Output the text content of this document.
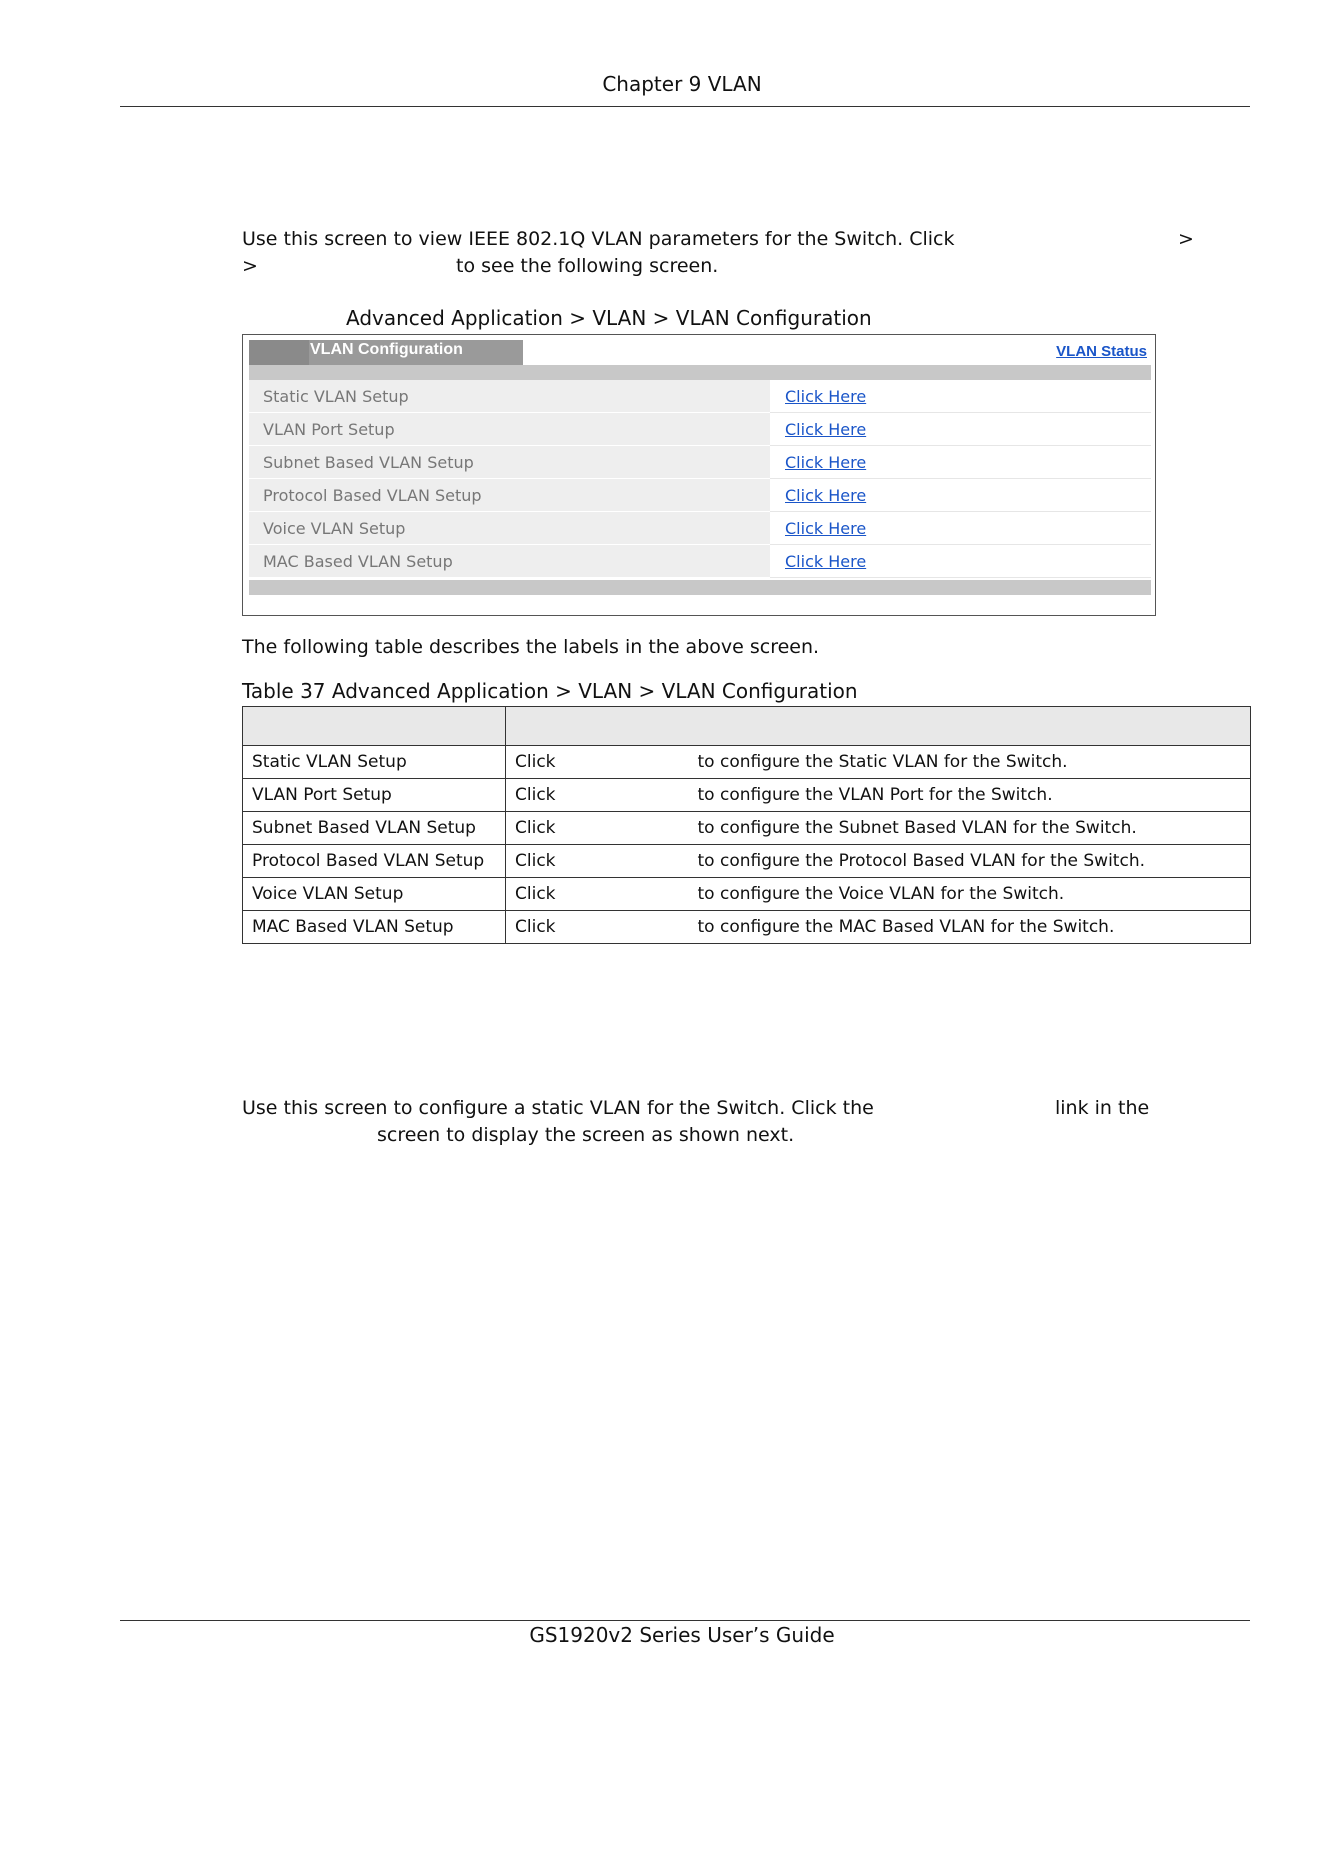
Chapter 9 VLAN
Use this screen to view IEEE 802.1Q VLAN parameters for the Switch. Click	>
>	to see the following screen.
Advanced Application > VLAN > VLAN Configuration
VLAN Configuration	VLAN Status
Static VLAN Setup	Click Here
VLAN Port Setup	Click Here
Subnet Based VLAN Setup	Click Here
Protocol Based VLAN Setup	Click Here
Voice VLAN Setup	Click Here
MAC Based VLAN Setup	Click Here
The following table describes the labels in the above screen.
Table 37 Advanced Application > VLAN > VLAN Configuration

Static VLAN Setup	Click to configure the Static VLAN for the Switch.
VLAN Port Setup	Click to configure the VLAN Port for the Switch.
Subnet Based VLAN Setup	Click to configure the Subnet Based VLAN for the Switch.
Protocol Based VLAN Setup	Click to configure the Protocol Based VLAN for the Switch.
Voice VLAN Setup	Click to configure the Voice VLAN for the Switch.
MAC Based VLAN Setup	Click to configure the MAC Based VLAN for the Switch.
Use this screen to configure a static VLAN for the Switch. Click the	link in the
screen to display the screen as shown next.
GS1920v2 Series User’s Guide
